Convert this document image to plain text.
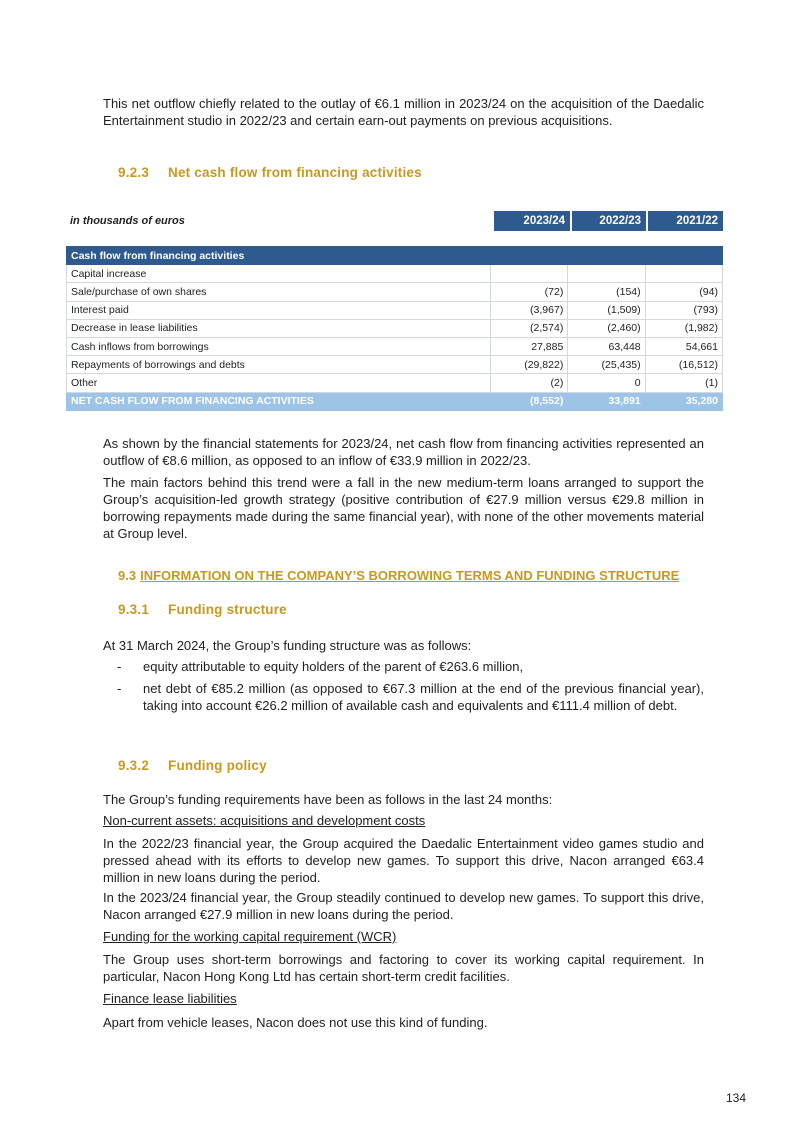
This net outflow chiefly related to the outlay of €6.1 million in 2023/24 on the acquisition of the Daedalic Entertainment studio in 2022/23 and certain earn-out payments on previous acquisitions.

9.2.3 Net cash flow from financing activities
in thousands of euros	2023/24	2022/23	2021/22
Cash flow from financing activities			
Capital increase			
Sale/purchase of own shares	(72)	(154)	(94)
Interest paid	(3,967)	(1,509)	(793)
Decrease in lease liabilities	(2,574)	(2,460)	(1,982)
Cash inflows from borrowings	27,885	63,448	54,661
Repayments of borrowings and debts	(29,822)	(25,435)	(16,512)
Other	(2)	0	(1)
NET CASH FLOW FROM FINANCING ACTIVITIES	(8,552)	33,891	35,280

As shown by the financial statements for 2023/24, net cash flow from financing activities represented an outflow of €8.6 million, as opposed to an inflow of €33.9 million in 2022/23.

The main factors behind this trend were a fall in the new medium-term loans arranged to support the Group’s acquisition-led growth strategy (positive contribution of €27.9 million versus €29.8 million in borrowing repayments made during the same financial year), with none of the other movements material at Group level.

9.3 INFORMATION ON THE COMPANY’S BORROWING TERMS AND FUNDING STRUCTURE
9.3.1 Funding structure

At 31 March 2024, the Group’s funding structure was as follows:

- equity attributable to equity holders of the parent of €263.6 million,
- net debt of €85.2 million (as opposed to €67.3 million at the end of the previous financial year), taking into account €26.2 million of available cash and equivalents and €111.4 million of debt.
9.3.2 Funding policy

The Group’s funding requirements have been as follows in the last 24 months:

Non-current assets: acquisitions and development costs

In the 2022/23 financial year, the Group acquired the Daedalic Entertainment video games studio and pressed ahead with its efforts to develop new games. To support this drive, Nacon arranged €63.4 million in new loans during the period.

In the 2023/24 financial year, the Group steadily continued to develop new games. To support this drive, Nacon arranged €27.9 million in new loans during the period.

Funding for the working capital requirement (WCR)

The Group uses short-term borrowings and factoring to cover its working capital requirement. In particular, Nacon Hong Kong Ltd has certain short-term credit facilities.

Finance lease liabilities

Apart from vehicle leases, Nacon does not use this kind of funding.

134
